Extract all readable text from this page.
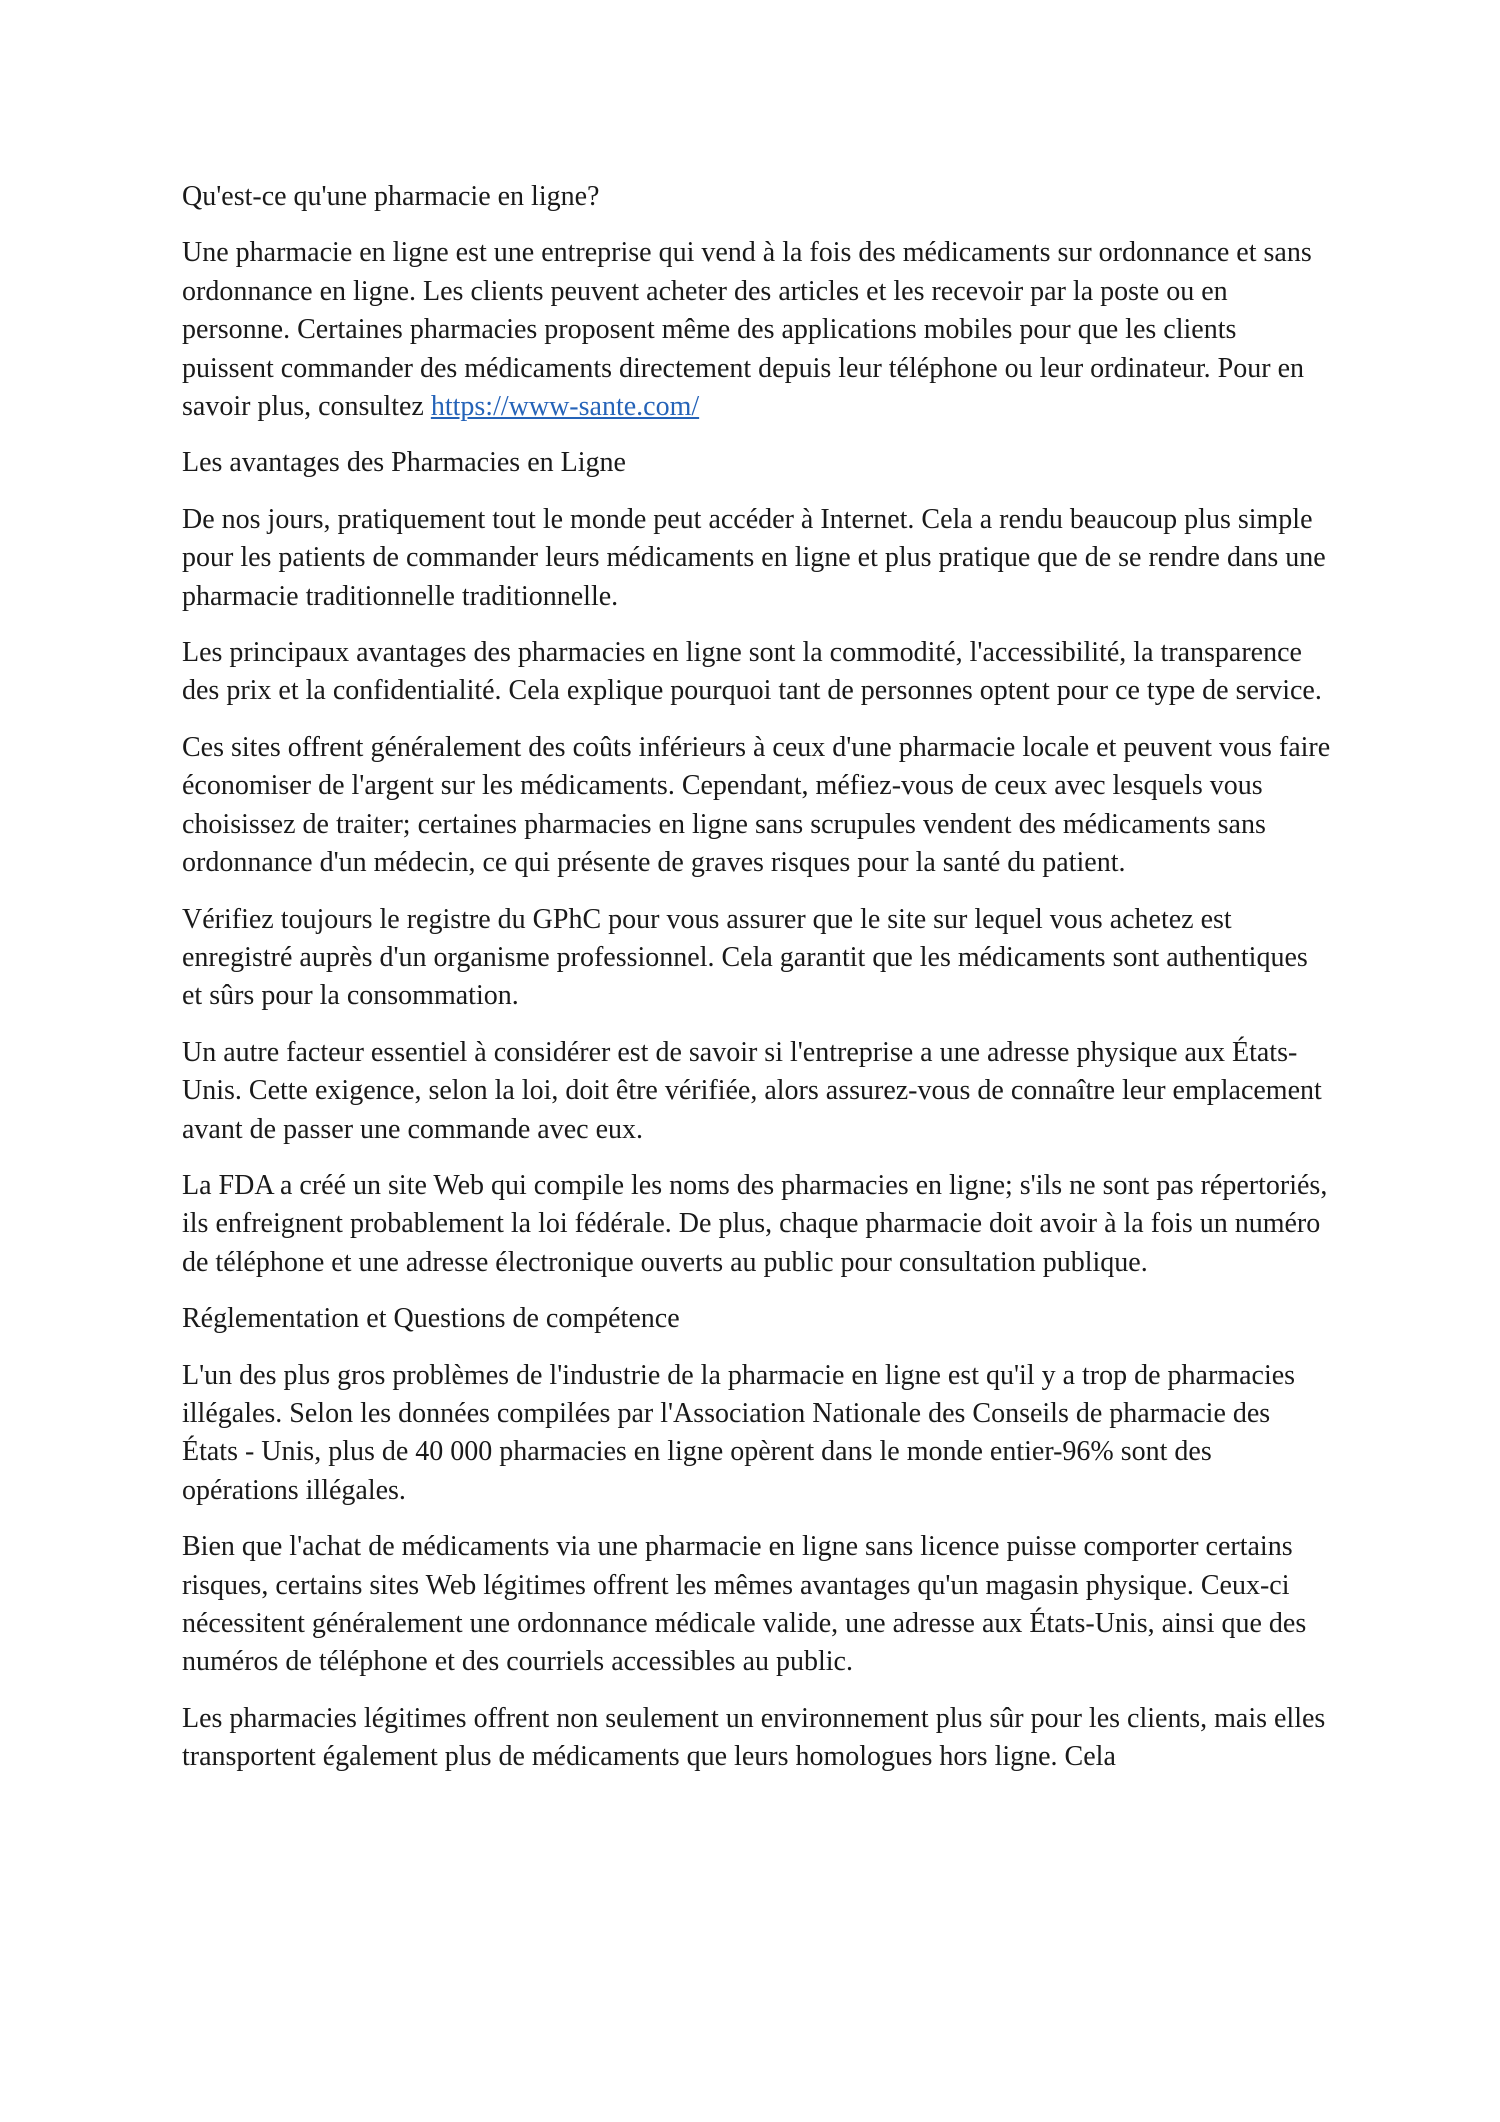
Qu'est-ce qu'une pharmacie en ligne?

Une pharmacie en ligne est une entreprise qui vend à la fois des médicaments sur ordonnance et sans ordonnance en ligne. Les clients peuvent acheter des articles et les recevoir par la poste ou en personne. Certaines pharmacies proposent même des applications mobiles pour que les clients puissent commander des médicaments directement depuis leur téléphone ou leur ordinateur. Pour en savoir plus, consultez https://www-sante.com/

Les avantages des Pharmacies en Ligne

De nos jours, pratiquement tout le monde peut accéder à Internet. Cela a rendu beaucoup plus simple pour les patients de commander leurs médicaments en ligne et plus pratique que de se rendre dans une pharmacie traditionnelle traditionnelle.

Les principaux avantages des pharmacies en ligne sont la commodité, l'accessibilité, la transparence des prix et la confidentialité. Cela explique pourquoi tant de personnes optent pour ce type de service.

Ces sites offrent généralement des coûts inférieurs à ceux d'une pharmacie locale et peuvent vous faire économiser de l'argent sur les médicaments. Cependant, méfiez-vous de ceux avec lesquels vous choisissez de traiter; certaines pharmacies en ligne sans scrupules vendent des médicaments sans ordonnance d'un médecin, ce qui présente de graves risques pour la santé du patient.

Vérifiez toujours le registre du GPhC pour vous assurer que le site sur lequel vous achetez est enregistré auprès d'un organisme professionnel. Cela garantit que les médicaments sont authentiques et sûrs pour la consommation.

Un autre facteur essentiel à considérer est de savoir si l'entreprise a une adresse physique aux États-Unis. Cette exigence, selon la loi, doit être vérifiée, alors assurez-vous de connaître leur emplacement avant de passer une commande avec eux.

La FDA a créé un site Web qui compile les noms des pharmacies en ligne; s'ils ne sont pas répertoriés, ils enfreignent probablement la loi fédérale. De plus, chaque pharmacie doit avoir à la fois un numéro de téléphone et une adresse électronique ouverts au public pour consultation publique.

Réglementation et Questions de compétence

L'un des plus gros problèmes de l'industrie de la pharmacie en ligne est qu'il y a trop de pharmacies illégales. Selon les données compilées par l'Association Nationale des Conseils de pharmacie des États - Unis, plus de 40 000 pharmacies en ligne opèrent dans le monde entier-96% sont des opérations illégales.

Bien que l'achat de médicaments via une pharmacie en ligne sans licence puisse comporter certains risques, certains sites Web légitimes offrent les mêmes avantages qu'un magasin physique. Ceux-ci nécessitent généralement une ordonnance médicale valide, une adresse aux États-Unis, ainsi que des numéros de téléphone et des courriels accessibles au public.

Les pharmacies légitimes offrent non seulement un environnement plus sûr pour les clients, mais elles transportent également plus de médicaments que leurs homologues hors ligne. Cela
